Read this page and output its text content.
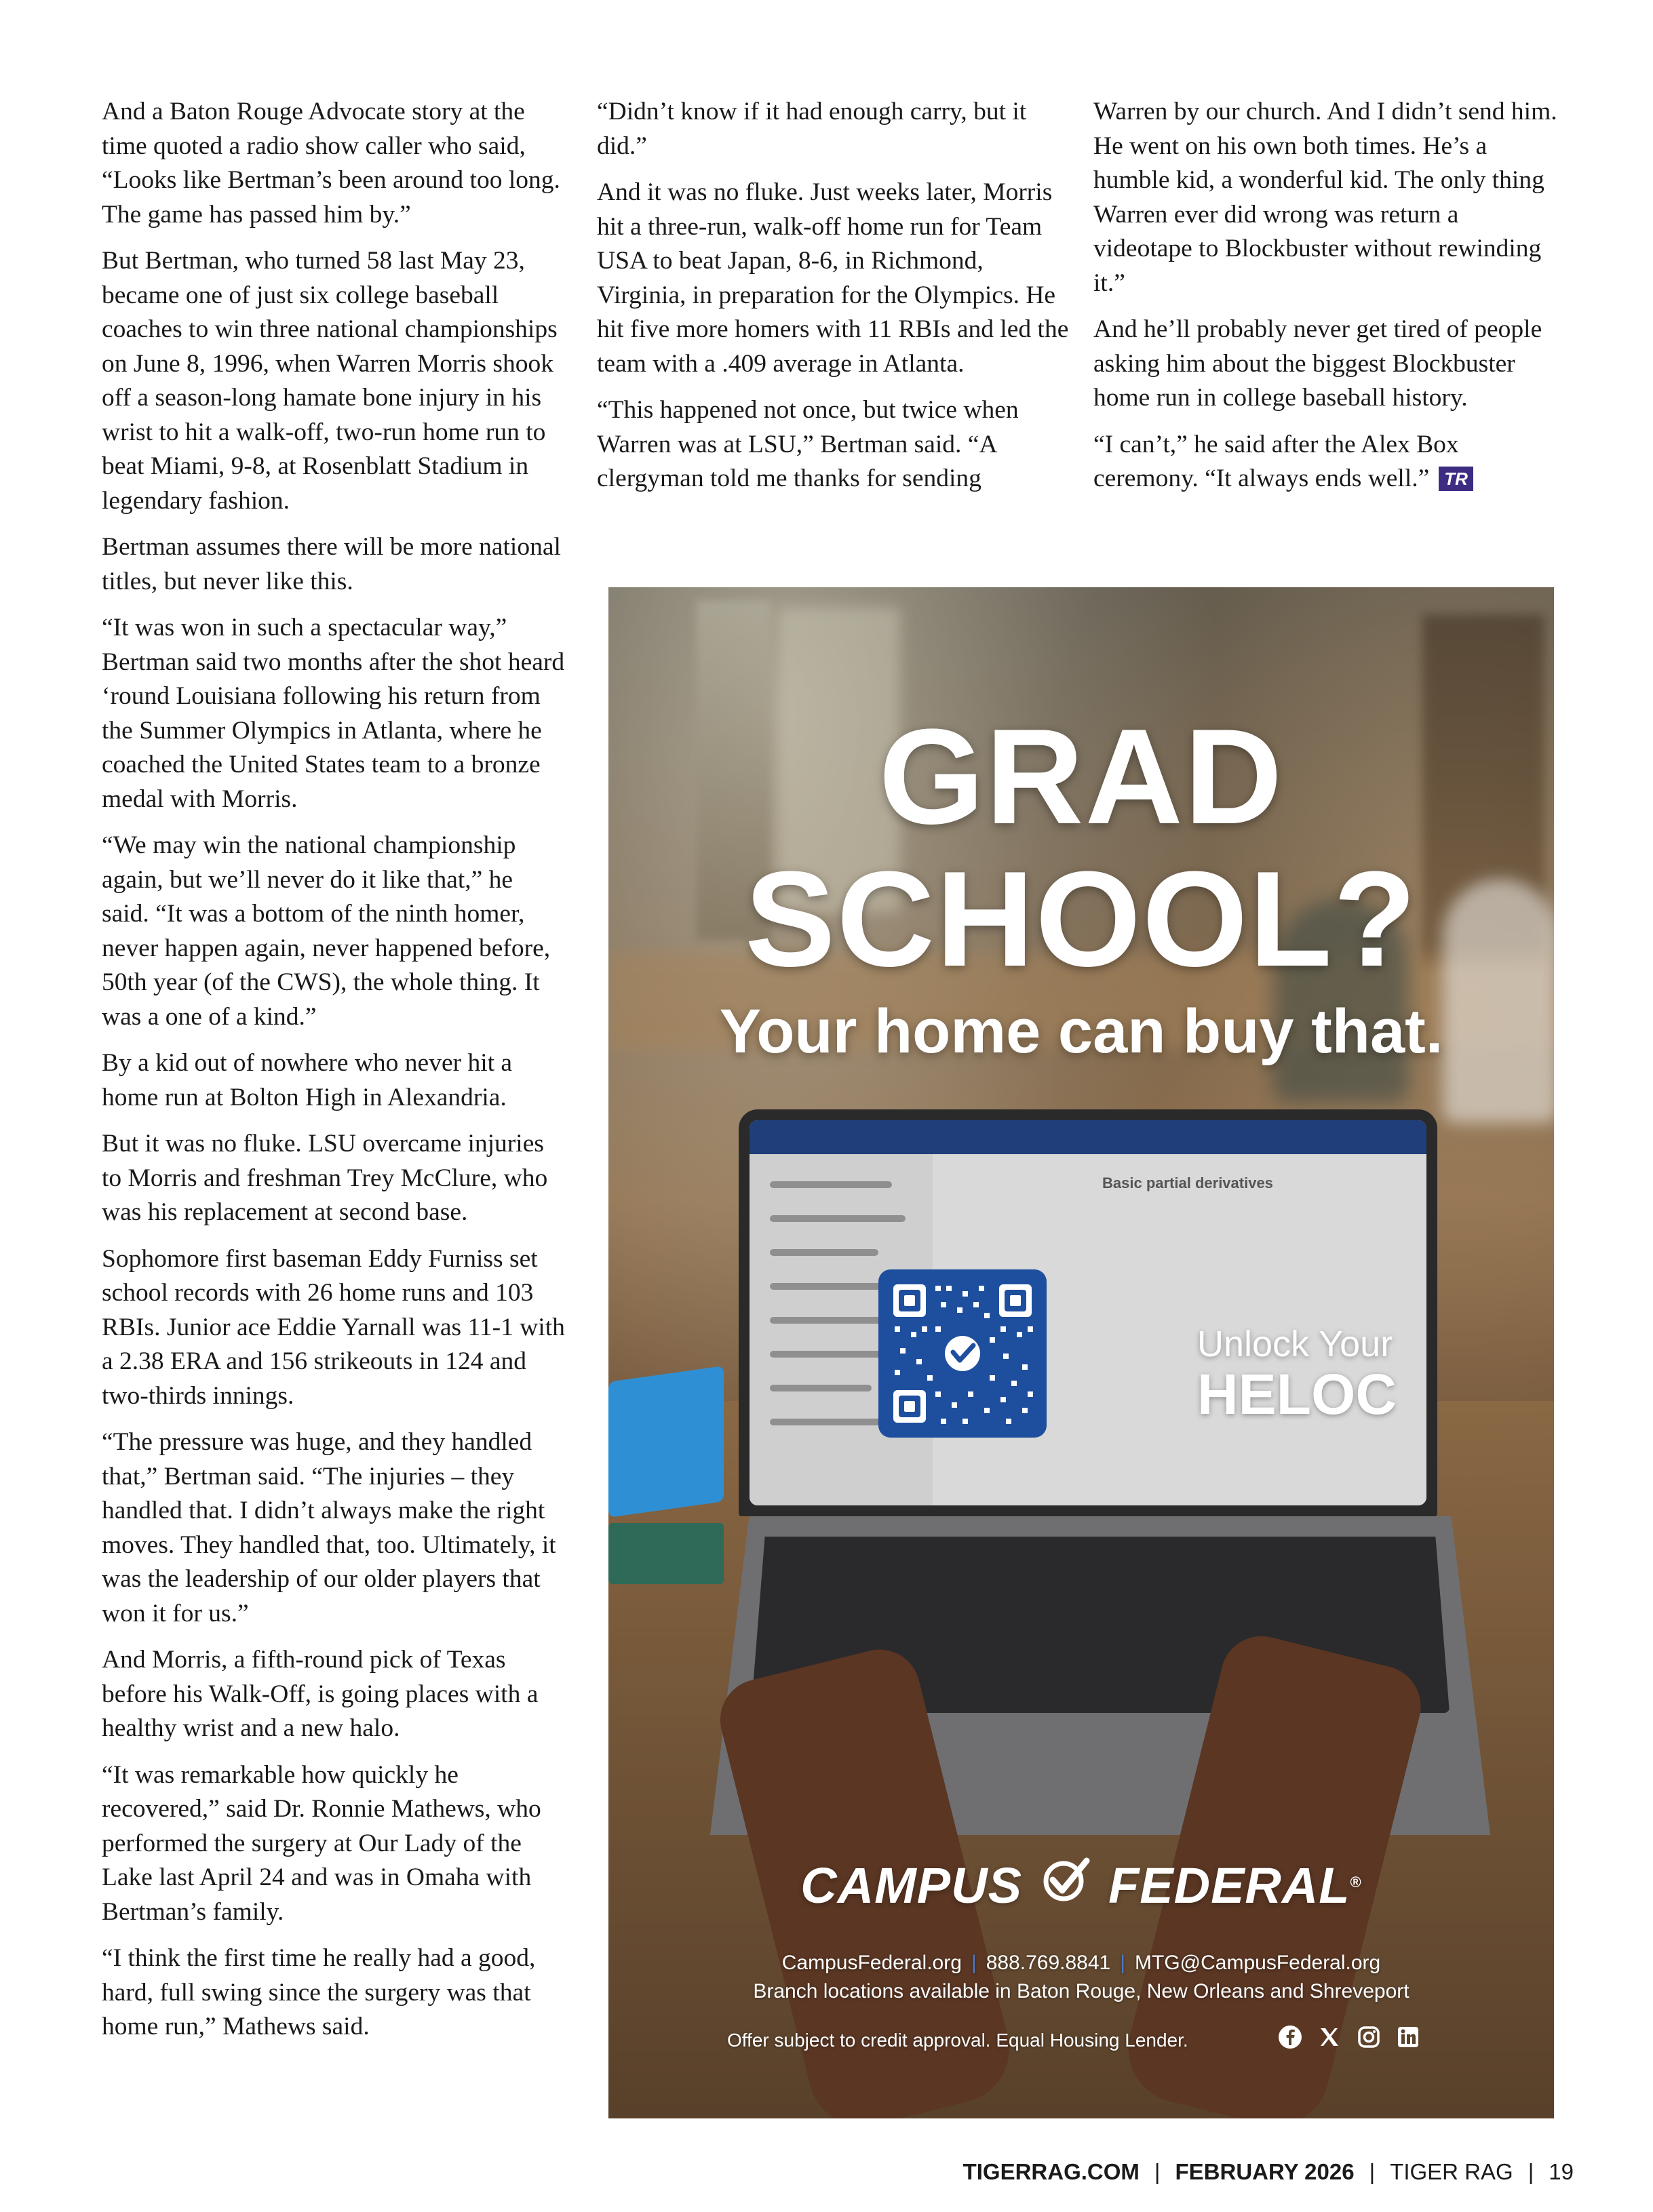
And a Baton Rouge Advocate story at the time quoted a radio show caller who said, “Looks like Bertman’s been around too long. The game has passed him by.”

But Bertman, who turned 58 last May 23, became one of just six college baseball coaches to win three national championships on June 8, 1996, when Warren Morris shook off a season-long hamate bone injury in his wrist to hit a walk-off, two-run home run to beat Miami, 9-8, at Rosenblatt Stadium in legendary fashion.

Bertman assumes there will be more national titles, but never like this.

“It was won in such a spectacular way,” Bertman said two months after the shot heard ‘round Louisiana following his return from the Summer Olympics in Atlanta, where he coached the United States team to a bronze medal with Morris.

“We may win the national championship again, but we’ll never do it like that,” he said. “It was a bottom of the ninth homer, never happen again, never happened before, 50th year (of the CWS), the whole thing. It was a one of a kind.”

By a kid out of nowhere who never hit a home run at Bolton High in Alexandria.

But it was no fluke. LSU overcame injuries to Morris and freshman Trey McClure, who was his replacement at second base.

Sophomore first baseman Eddy Furniss set school records with 26 home runs and 103 RBIs. Junior ace Eddie Yarnall was 11-1 with a 2.38 ERA and 156 strikeouts in 124 and two-thirds innings.

“The pressure was huge, and they handled that,” Bertman said. “The injuries – they handled that. I didn’t always make the right moves. They handled that, too. Ultimately, it was the leadership of our older players that won it for us.”

And Morris, a fifth-round pick of Texas before his Walk-Off, is going places with a healthy wrist and a new halo.

“It was remarkable how quickly he recovered,” said Dr. Ronnie Mathews, who performed the surgery at Our Lady of the Lake last April 24 and was in Omaha with Bertman’s family.

“I think the first time he really had a good, hard, full swing since the surgery was that home run,” Mathews said.

“Didn’t know if it had enough carry, but it did.”

And it was no fluke. Just weeks later, Morris hit a three-run, walk-off home run for Team USA to beat Japan, 8-6, in Richmond, Virginia, in preparation for the Olympics. He hit five more homers with 11 RBIs and led the team with a .409 average in Atlanta.

“This happened not once, but twice when Warren was at LSU,” Bertman said. “A clergyman told me thanks for sending

Warren by our church. And I didn’t send him. He went on his own both times. He’s a humble kid, a wonderful kid. The only thing Warren ever did wrong was return a videotape to Blockbuster without rewinding it.”

And he’ll probably never get tired of people asking him about the biggest Blockbuster home run in college baseball history.

“I can’t,” he said after the Alex Box ceremony. “It always ends well.” TR

GRAD
SCHOOL?
Your home can buy that.
Basic partial derivatives
Unlock Your
HELOC
CAMPUS FEDERAL®
CampusFederal.org | 888.769.8841 | MTG@CampusFederal.org
Branch locations available in Baton Rouge, New Orleans and Shreveport
Offer subject to credit approval. Equal Housing Lender.
TIGERRAG.COM | FEBRUARY 2026 | TIGER RAG | 19
